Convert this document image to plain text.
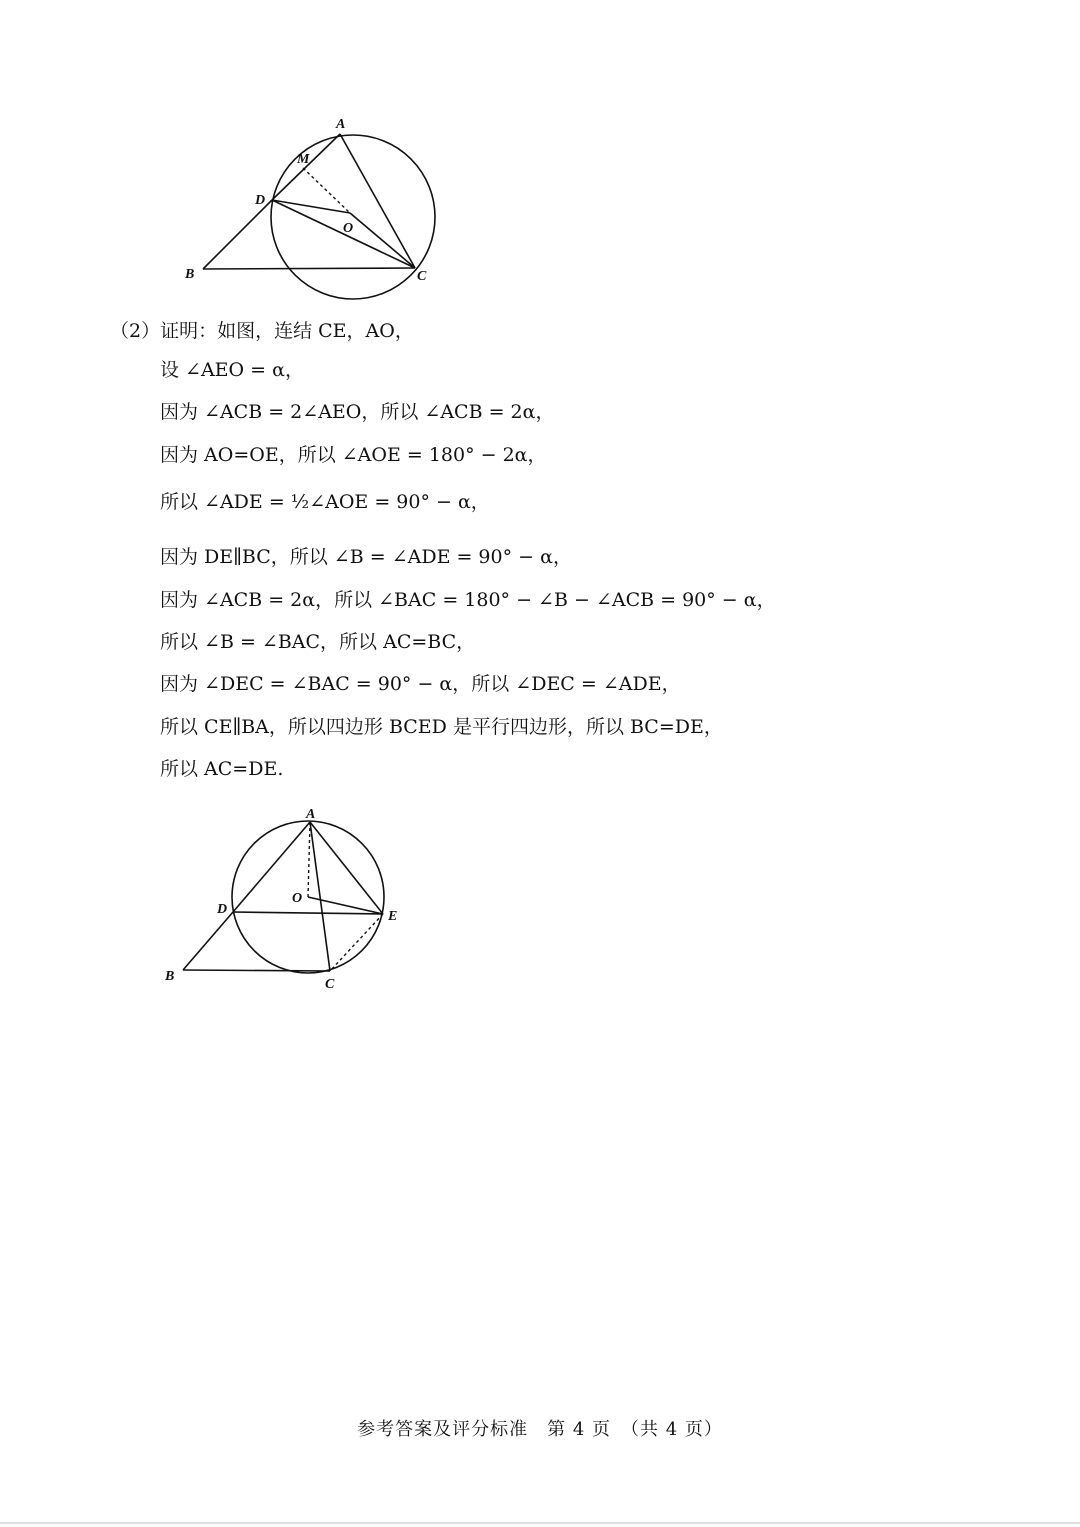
A
M
D
O
B	C
（2）证明：如图，连结 CE，AO，
设 ∠AEO = α，
因为 ∠ACB = 2∠AEO，所以 ∠ACB = 2α，
因为 AO=OE，所以 ∠AOE = 180° − 2α，
所以 ∠ADE = ½∠AOE = 90° − α，
因为 DE∥BC，所以 ∠B = ∠ADE = 90° − α，
因为 ∠ACB = 2α，所以 ∠BAC = 180° − ∠B − ∠ACB = 90° − α，
所以 ∠B = ∠BAC，所以 AC=BC，
因为 ∠DEC = ∠BAC = 90° − α，所以 ∠DEC = ∠ADE，
所以 CE∥BA，所以四边形 BCED 是平行四边形，所以 BC=DE，
所以 AC=DE.
A
O
D	E
B
C
参考答案及评分标准　第 4 页　（共 4 页）
